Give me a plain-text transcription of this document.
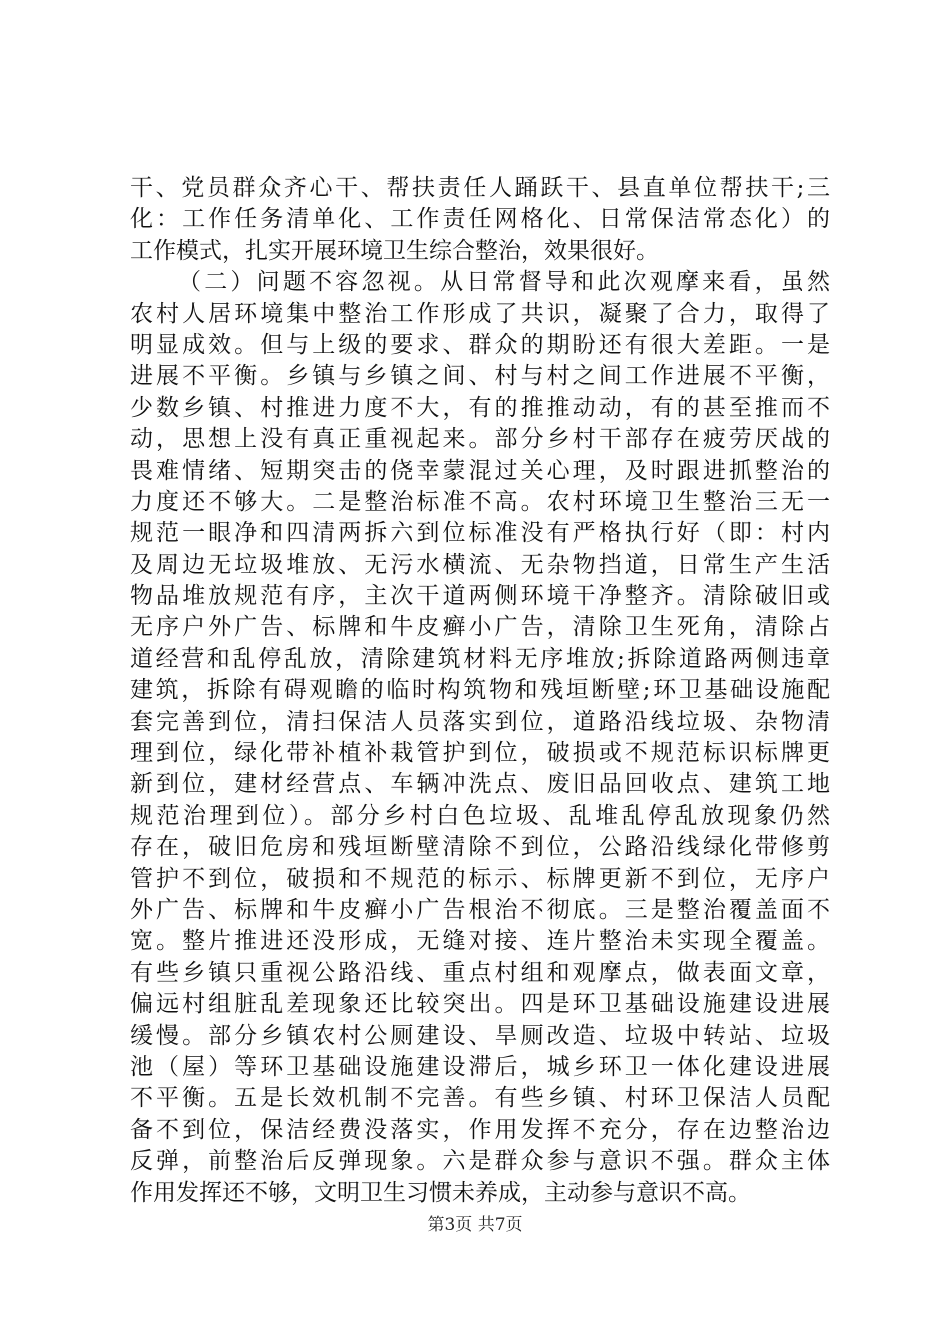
干、党员群众齐心干、帮扶责任人踊跃干、县直单位帮扶干;三
化：工作任务清单化、工作责任网格化、日常保洁常态化）的
工作模式，扎实开展环境卫生综合整治，效果很好。
（二）问题不容忽视。从日常督导和此次观摩来看，虽然
农村人居环境集中整治工作形成了共识，凝聚了合力，取得了
明显成效。但与上级的要求、群众的期盼还有很大差距。一是
进展不平衡。乡镇与乡镇之间、村与村之间工作进展不平衡，
少数乡镇、村推进力度不大，有的推推动动，有的甚至推而不
动，思想上没有真正重视起来。部分乡村干部存在疲劳厌战的
畏难情绪、短期突击的侥幸蒙混过关心理，及时跟进抓整治的
力度还不够大。二是整治标准不高。农村环境卫生整治三无一
规范一眼净和四清两拆六到位标准没有严格执行好（即：村内
及周边无垃圾堆放、无污水横流、无杂物挡道，日常生产生活
物品堆放规范有序，主次干道两侧环境干净整齐。清除破旧或
无序户外广告、标牌和牛皮癣小广告，清除卫生死角，清除占
道经营和乱停乱放，清除建筑材料无序堆放;拆除道路两侧违章
建筑，拆除有碍观瞻的临时构筑物和残垣断壁;环卫基础设施配
套完善到位，清扫保洁人员落实到位，道路沿线垃圾、杂物清
理到位，绿化带补植补栽管护到位，破损或不规范标识标牌更
新到位，建材经营点、车辆冲洗点、废旧品回收点、建筑工地
规范治理到位）。部分乡村白色垃圾、乱堆乱停乱放现象仍然
存在，破旧危房和残垣断壁清除不到位，公路沿线绿化带修剪
管护不到位，破损和不规范的标示、标牌更新不到位，无序户
外广告、标牌和牛皮癣小广告根治不彻底。三是整治覆盖面不
宽。整片推进还没形成，无缝对接、连片整治未实现全覆盖。
有些乡镇只重视公路沿线、重点村组和观摩点，做表面文章，
偏远村组脏乱差现象还比较突出。四是环卫基础设施建设进展
缓慢。部分乡镇农村公厕建设、旱厕改造、垃圾中转站、垃圾
池（屋）等环卫基础设施建设滞后，城乡环卫一体化建设进展
不平衡。五是长效机制不完善。有些乡镇、村环卫保洁人员配
备不到位，保洁经费没落实，作用发挥不充分，存在边整治边
反弹，前整治后反弹现象。六是群众参与意识不强。群众主体
作用发挥还不够，文明卫生习惯未养成，主动参与意识不高。
第3页 共7页
